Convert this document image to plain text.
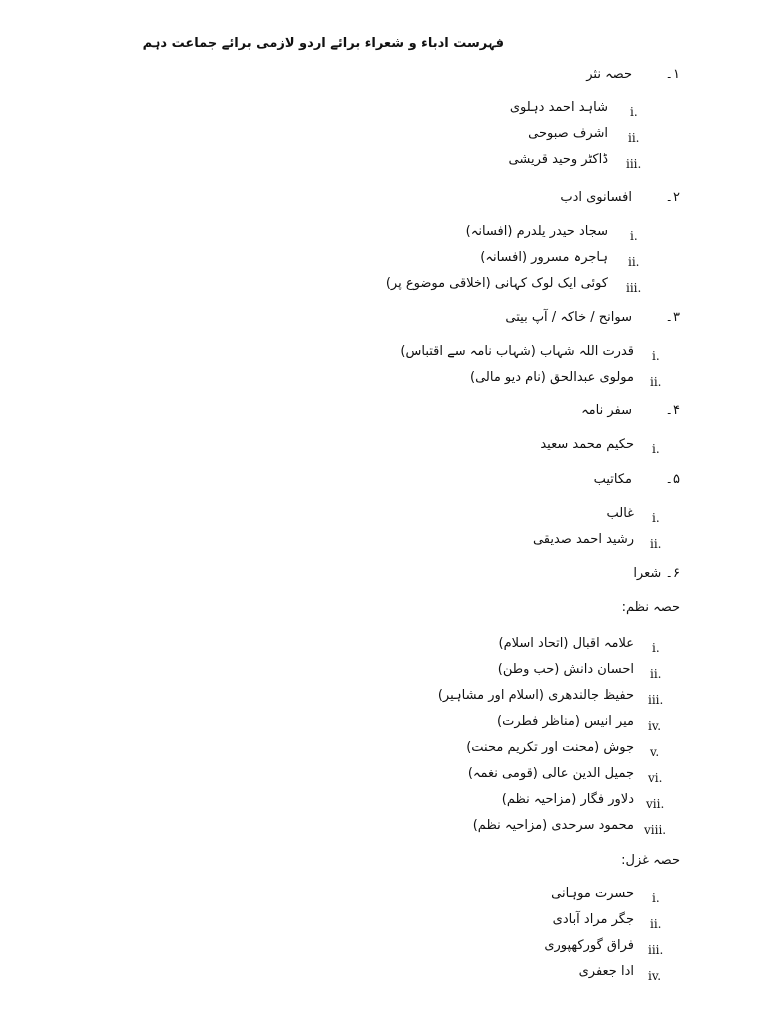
فہرست ادباء و شعراء برائے اردو لازمی برائے جماعت دہم
۱۔
حصہ نثر
i.
شاہد احمد دہلوی
ii.
اشرف صبوحی
iii.
ڈاکٹر وحید قریشی
۲۔
افسانوی ادب
i.
سجاد حیدر یلدرم (افسانہ)
ii.
ہاجرہ مسرور (افسانہ)
iii.
کوئی ایک لوک کہانی (اخلاقی موضوع پر)
۳۔
سوانح / خاکہ / آپ بیتی
i.
قدرت اللہ شہاب (شہاب نامہ سے اقتباس)
ii.
مولوی عبدالحق (نام دیو مالی)
۴۔
سفر نامہ
i.
حکیم محمد سعید
۵۔
مکاتیب
i.
غالب
ii.
رشید احمد صدیقی
۶۔ شعرا
حصہ نظم:
i.
علامہ اقبال (اتحاد اسلام)
ii.
احسان دانش (حب وطن)
iii.
حفیظ جالندھری (اسلام اور مشاہیر)
iv.
میر انیس (مناظر فطرت)
v.
جوش (محنت اور تکریم محنت)
vi.
جمیل الدین عالی (قومی نغمہ)
vii.
دلاور فگار (مزاحیہ نظم)
viii.
محمود سرحدی (مزاحیہ نظم)
حصہ غزل:
i.
حسرت موہانی
ii.
جگر مراد آبادی
iii.
فراق گورکھپوری
iv.
ادا جعفری
